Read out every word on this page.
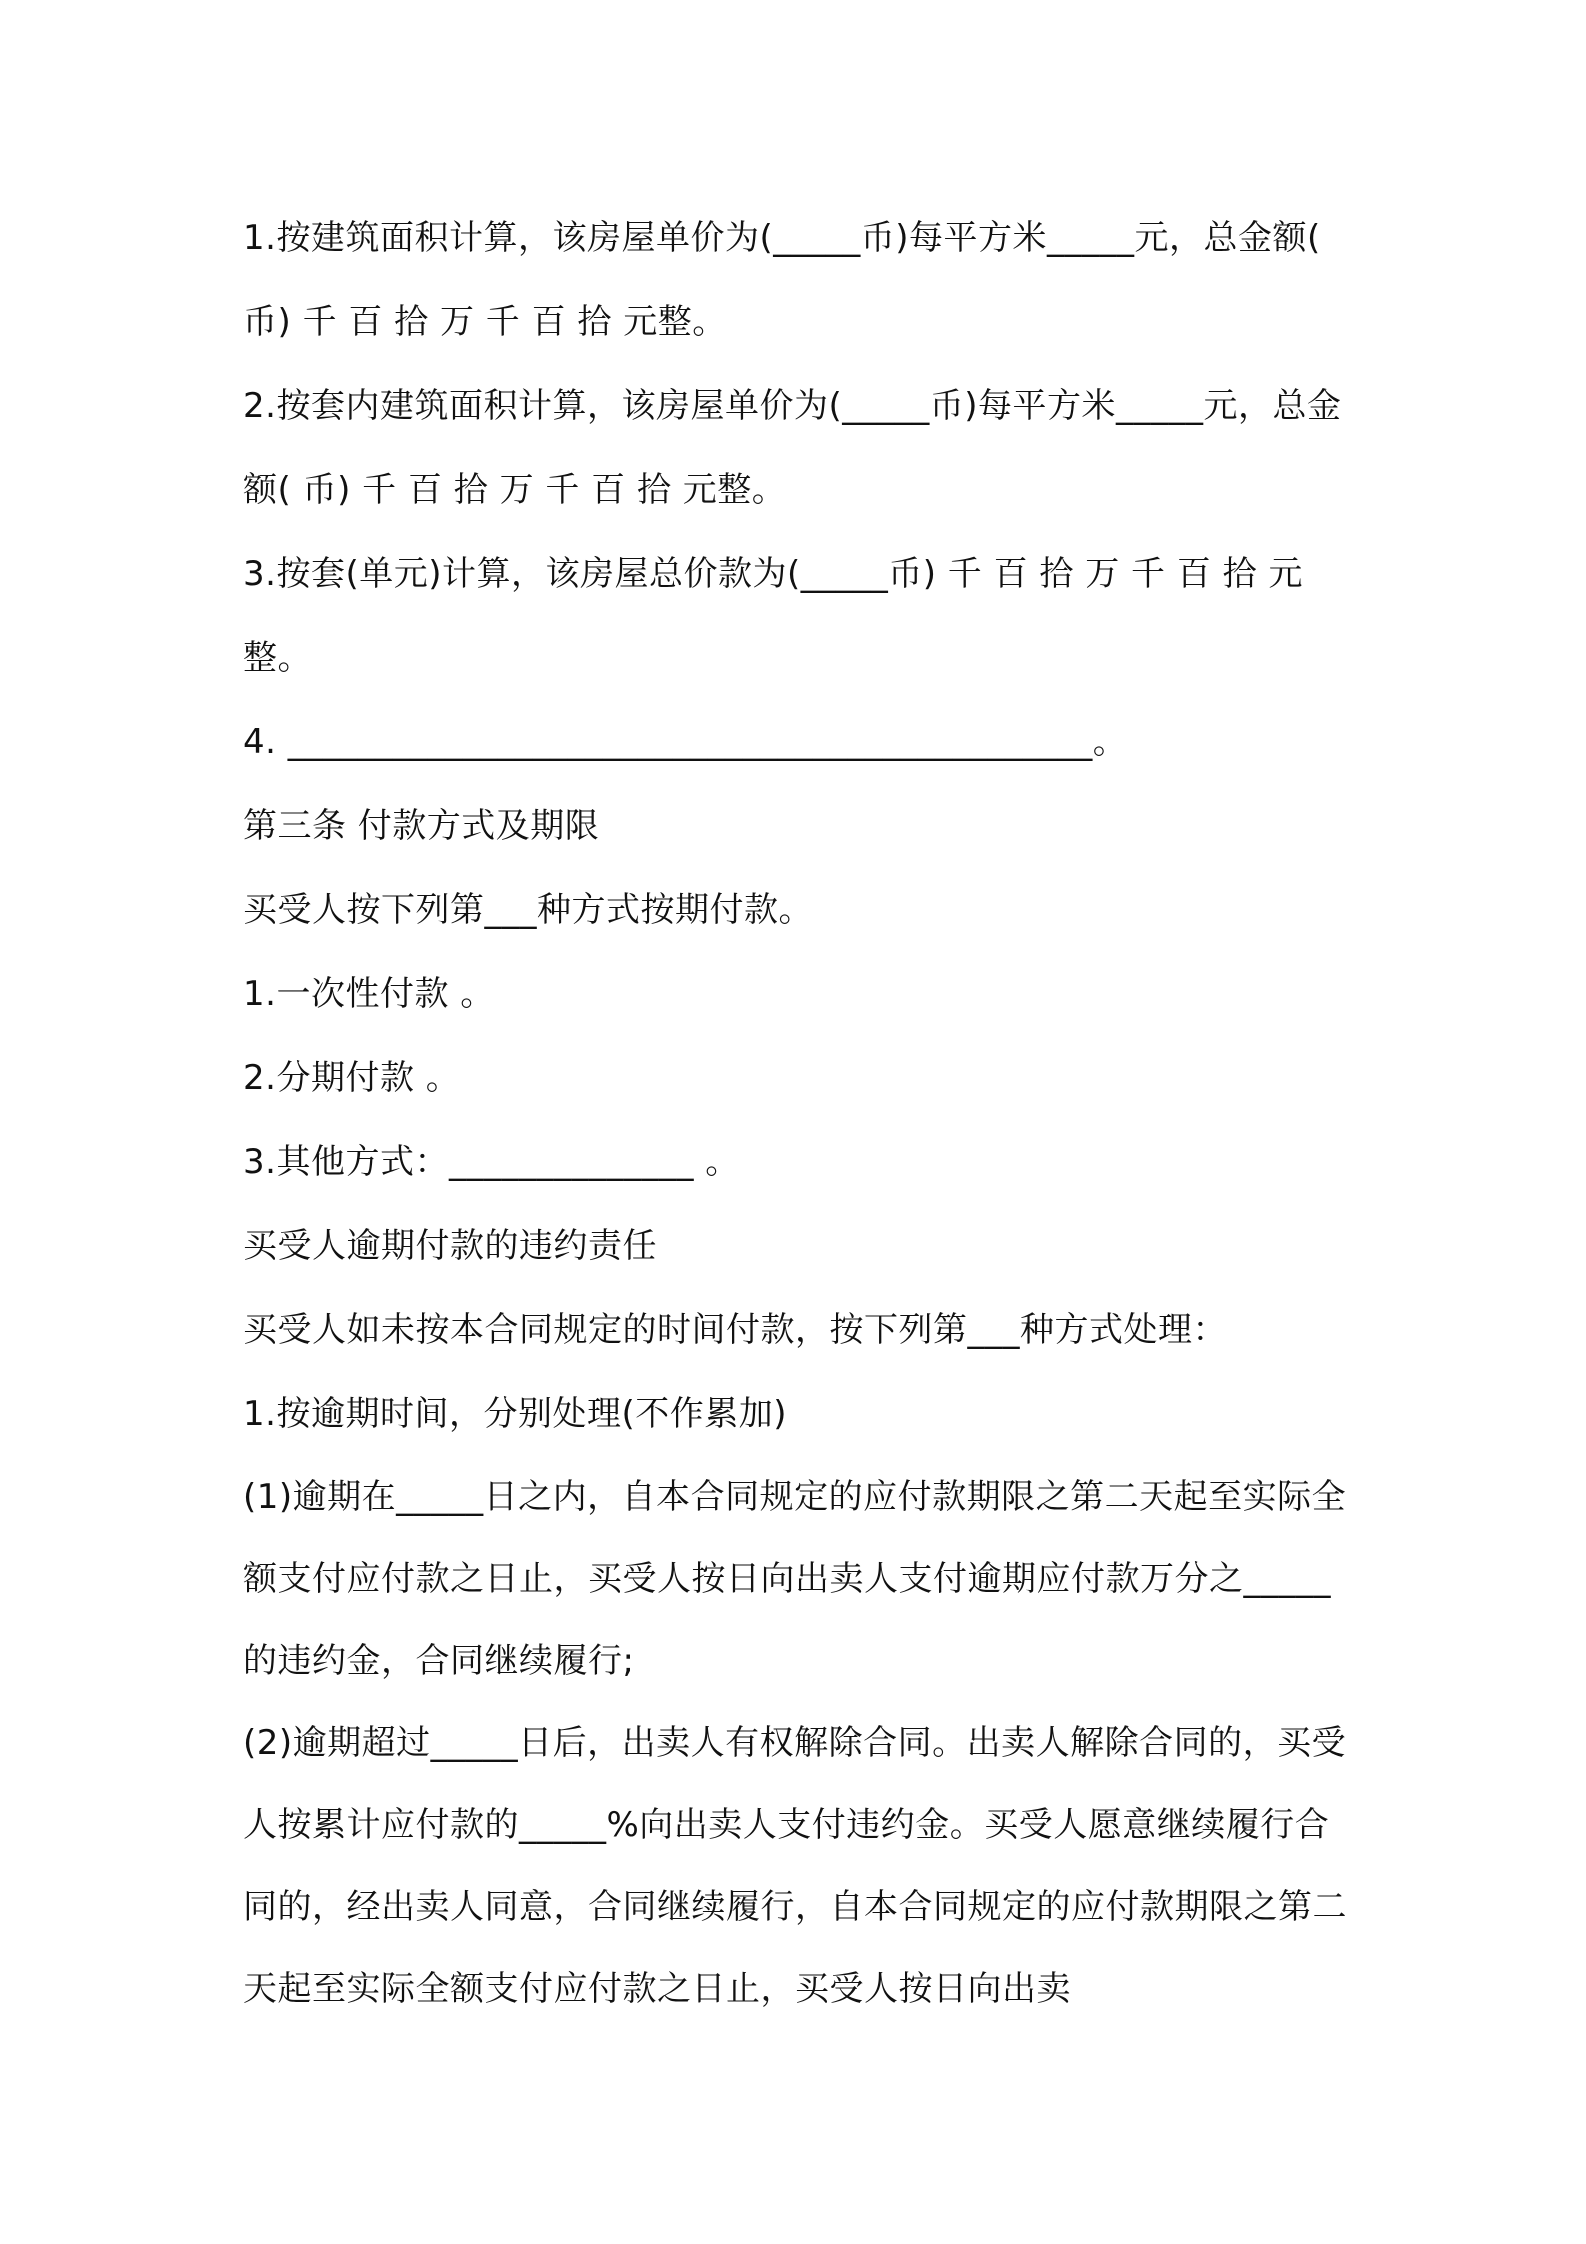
1.按建筑面积计算，该房屋单价为(_____币)每平方米_____元，总金额( 币) 千 百 拾 万 千 百 拾 元整。

2.按套内建筑面积计算，该房屋单价为(_____币)每平方米_____元，总金额( 币) 千 百 拾 万 千 百 拾 元整。

3.按套(单元)计算，该房屋总价款为(_____币) 千 百 拾 万 千 百 拾 元整。

4. ______________________________________________。

第三条 付款方式及期限

买受人按下列第___种方式按期付款。

1.一次性付款 。

2.分期付款 。

3.其他方式：______________ 。

买受人逾期付款的违约责任

买受人如未按本合同规定的时间付款，按下列第___种方式处理：

1.按逾期时间，分别处理(不作累加)

(1)逾期在_____日之内，自本合同规定的应付款期限之第二天起至实际全额支付应付款之日止，买受人按日向出卖人支付逾期应付款万分之_____的违约金，合同继续履行;

(2)逾期超过_____日后，出卖人有权解除合同。出卖人解除合同的，买受人按累计应付款的_____%向出卖人支付违约金。买受人愿意继续履行合同的，经出卖人同意，合同继续履行，自本合同规定的应付款期限之第二天起至实际全额支付应付款之日止，买受人按日向出卖
